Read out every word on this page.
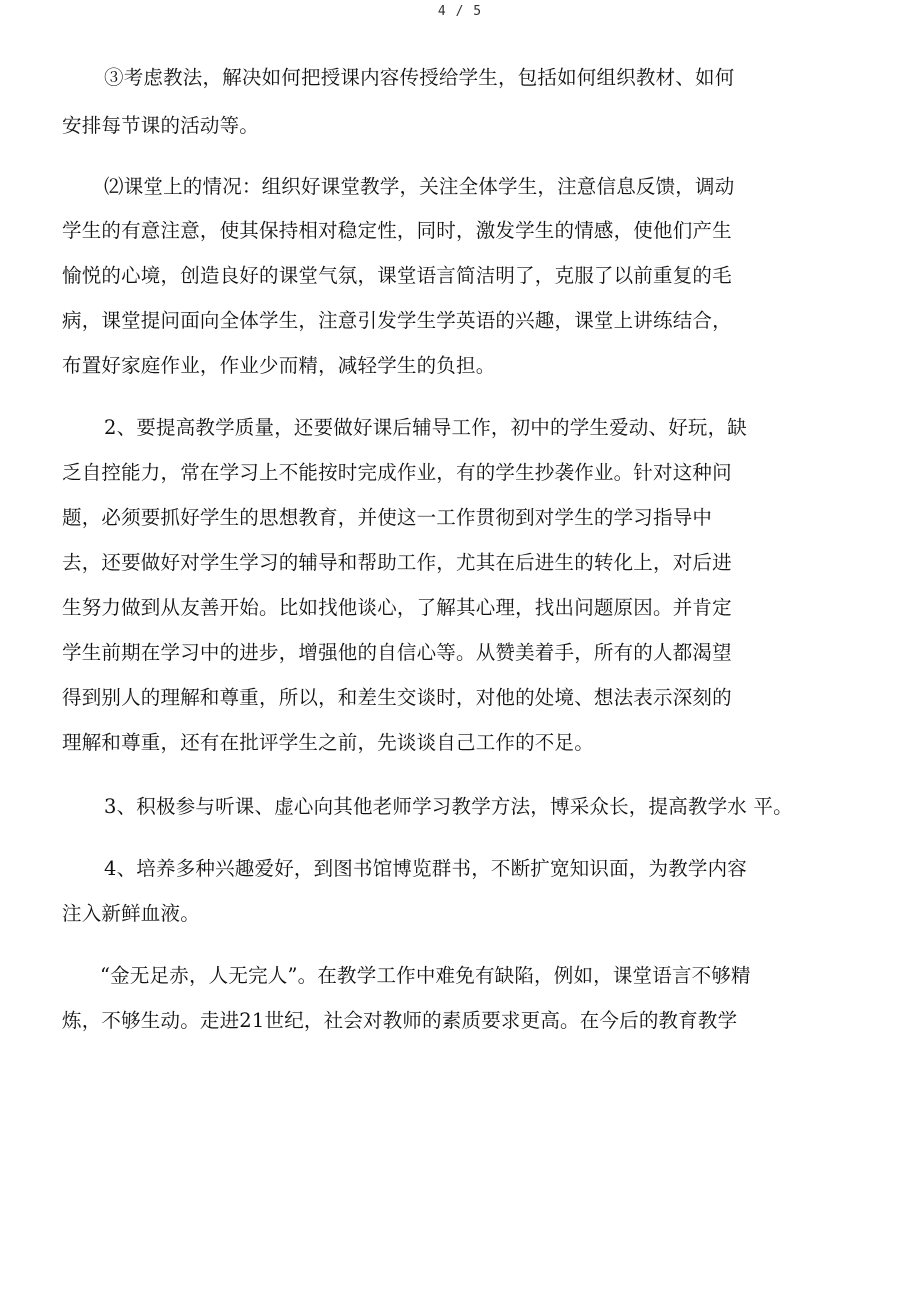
4 / 5
③考虑教法，解决如何把授课内容传授给学生，包括如何组织教材、如何
安排每节课的活动等。
⑵课堂上的情况：组织好课堂教学，关注全体学生，注意信息反馈，调动
学生的有意注意，使其保持相对稳定性，同时，激发学生的情感，使他们产生
愉悦的心境，创造良好的课堂气氛，课堂语言简洁明了，克服了以前重复的毛
病，课堂提问面向全体学生，注意引发学生学英语的兴趣，课堂上讲练结合，
布置好家庭作业，作业少而精，减轻学生的负担。
2、要提高教学质量，还要做好课后辅导工作，初中的学生爱动、好玩，缺
乏自控能力，常在学习上不能按时完成作业，有的学生抄袭作业。针对这种问
题，必须要抓好学生的思想教育，并使这一工作贯彻到对学生的学习指导中
去，还要做好对学生学习的辅导和帮助工作，尤其在后进生的转化上，对后进
生努力做到从友善开始。比如找他谈心，了解其心理，找出问题原因。并肯定
学生前期在学习中的进步，增强他的自信心等。从赞美着手，所有的人都渴望
得到别人的理解和尊重，所以，和差生交谈时，对他的处境、想法表示深刻的
理解和尊重，还有在批评学生之前，先谈谈自己工作的不足。
3、积极参与听课、虚心向其他老师学习教学方法，博采众长，提高教学水 平。
4、培养多种兴趣爱好，到图书馆博览群书，不断扩宽知识面，为教学内容
注入新鲜血液。
“金无足赤，人无完人”。在教学工作中难免有缺陷，例如，课堂语言不够精
炼，不够生动。走进21世纪，社会对教师的素质要求更高。在今后的教育教学
